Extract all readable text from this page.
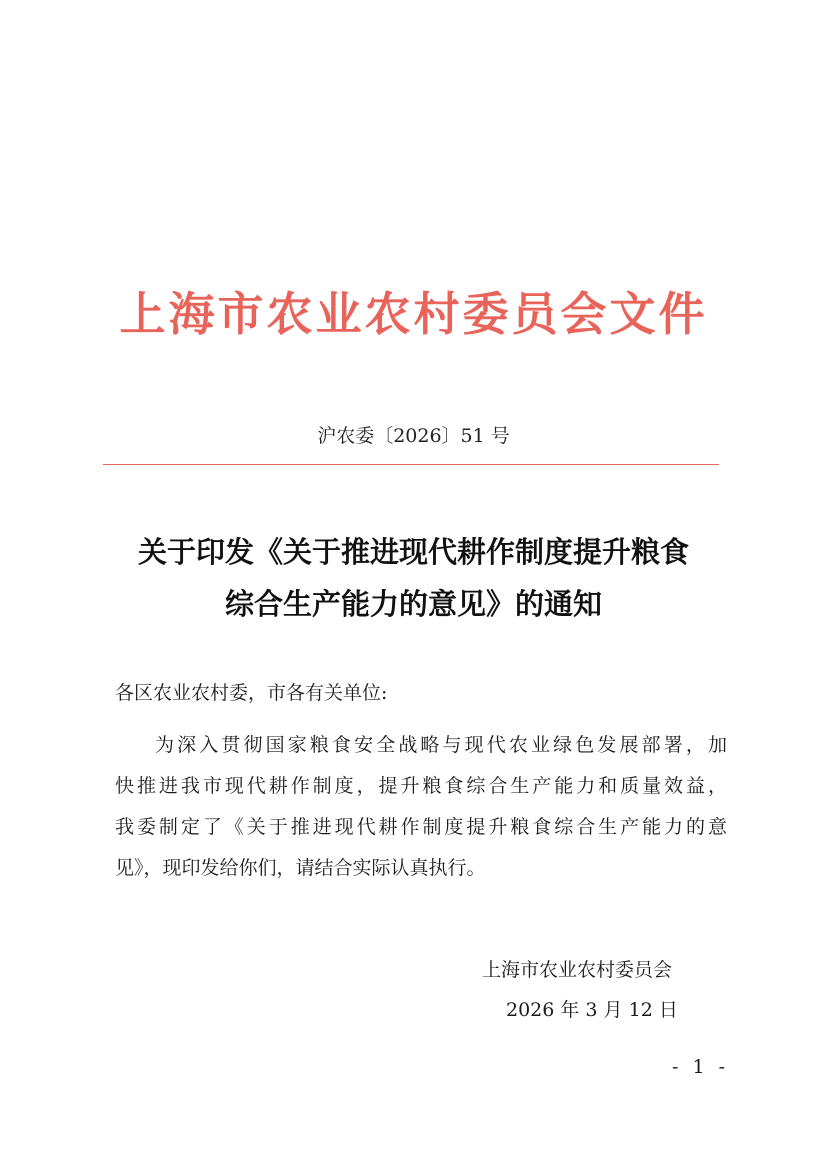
上海市农业农村委员会文件
沪农委〔2026〕51 号
关于印发《关于推进现代耕作制度提升粮食
综合生产能力的意见》的通知
各区农业农村委，市各有关单位:
为深入贯彻国家粮食安全战略与现代农业绿色发展部署，加
快推进我市现代耕作制度，提升粮食综合生产能力和质量效益，
我委制定了《关于推进现代耕作制度提升粮食综合生产能力的意
见》，现印发给你们，请结合实际认真执行。
上海市农业农村委员会
2026 年 3 月 12 日
- 1 -
